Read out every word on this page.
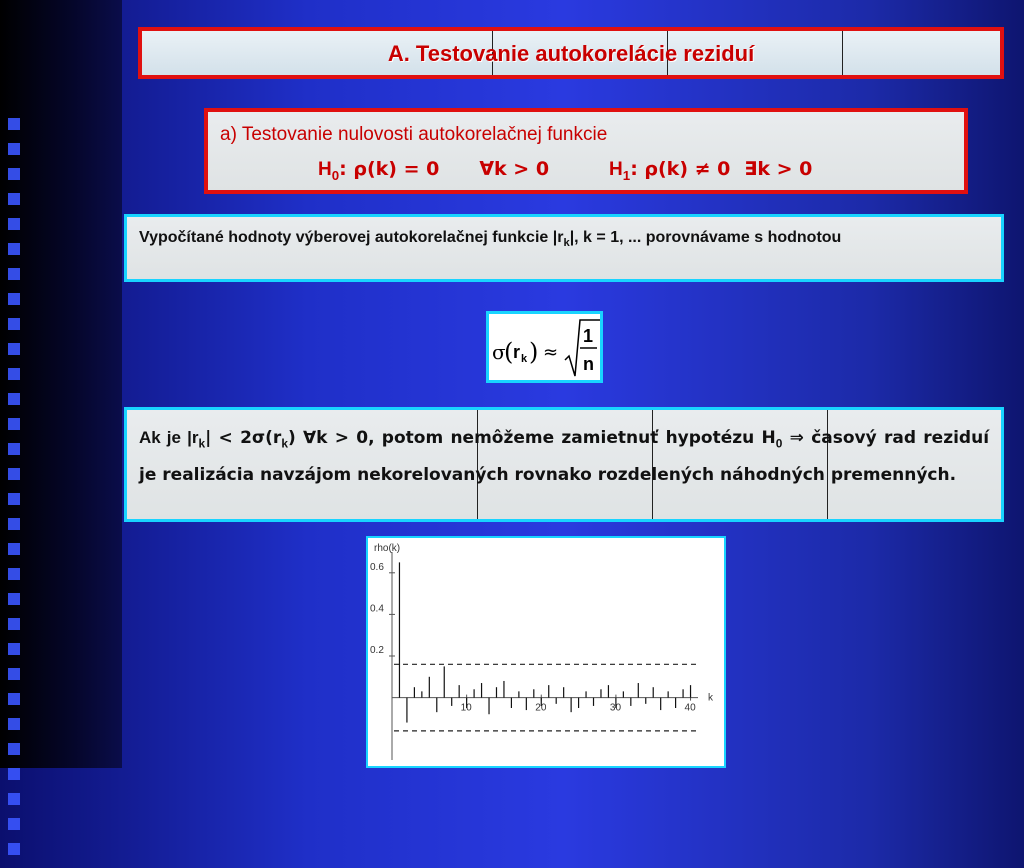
A. Testovanie autokorelácie reziduí
a) Testovanie nulovosti autokorelačnej funkcie
$H_0$: ρ(k) = 0 ∀k > 0	$H_1$: ρ(k) ≠ 0 ∃k > 0
Vypočítané hodnoty výberovej autokorelačnej funkcie $|r_k|$, k = 1, ... porovnávame s hodnotou
σ
( r k ) ≈
1
n
Ak je $|r_k| < 2\sigma(r_k)$ ∀k > 0, potom nemôžeme zamietnuť hypotézu $H_0$ ⇒ časový rad reziduí je realizácia navzájom nekorelovaných rovnako rozdelených náhodných premenných.
rho(k)
k
0.2
0.4
0.6
10	20	30	40
